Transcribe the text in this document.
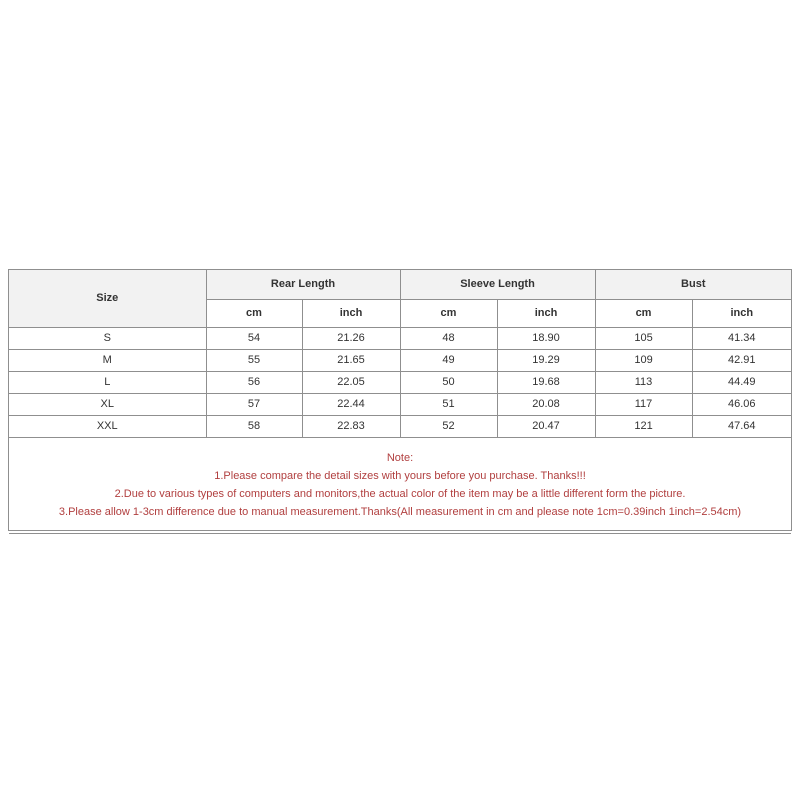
Size	Rear Length		Sleeve Length		Bust	
	cm	inch	cm	inch	cm	inch
S	54	21.26	48	18.90	105	41.34
M	55	21.65	49	19.29	109	42.91
L	56	22.05	50	19.68	113	44.49
XL	57	22.44	51	20.08	117	46.06
XXL	58	22.83	52	20.47	121	47.64

Note:
1.Please compare the detail sizes with yours before you purchase. Thanks!!!
2.Due to various types of computers and monitors,the actual color of the item may be a little different form the picture.
3.Please allow 1-3cm difference due to manual measurement.Thanks(All measurement in cm and please note 1cm=0.39inch 1inch=2.54cm)						
